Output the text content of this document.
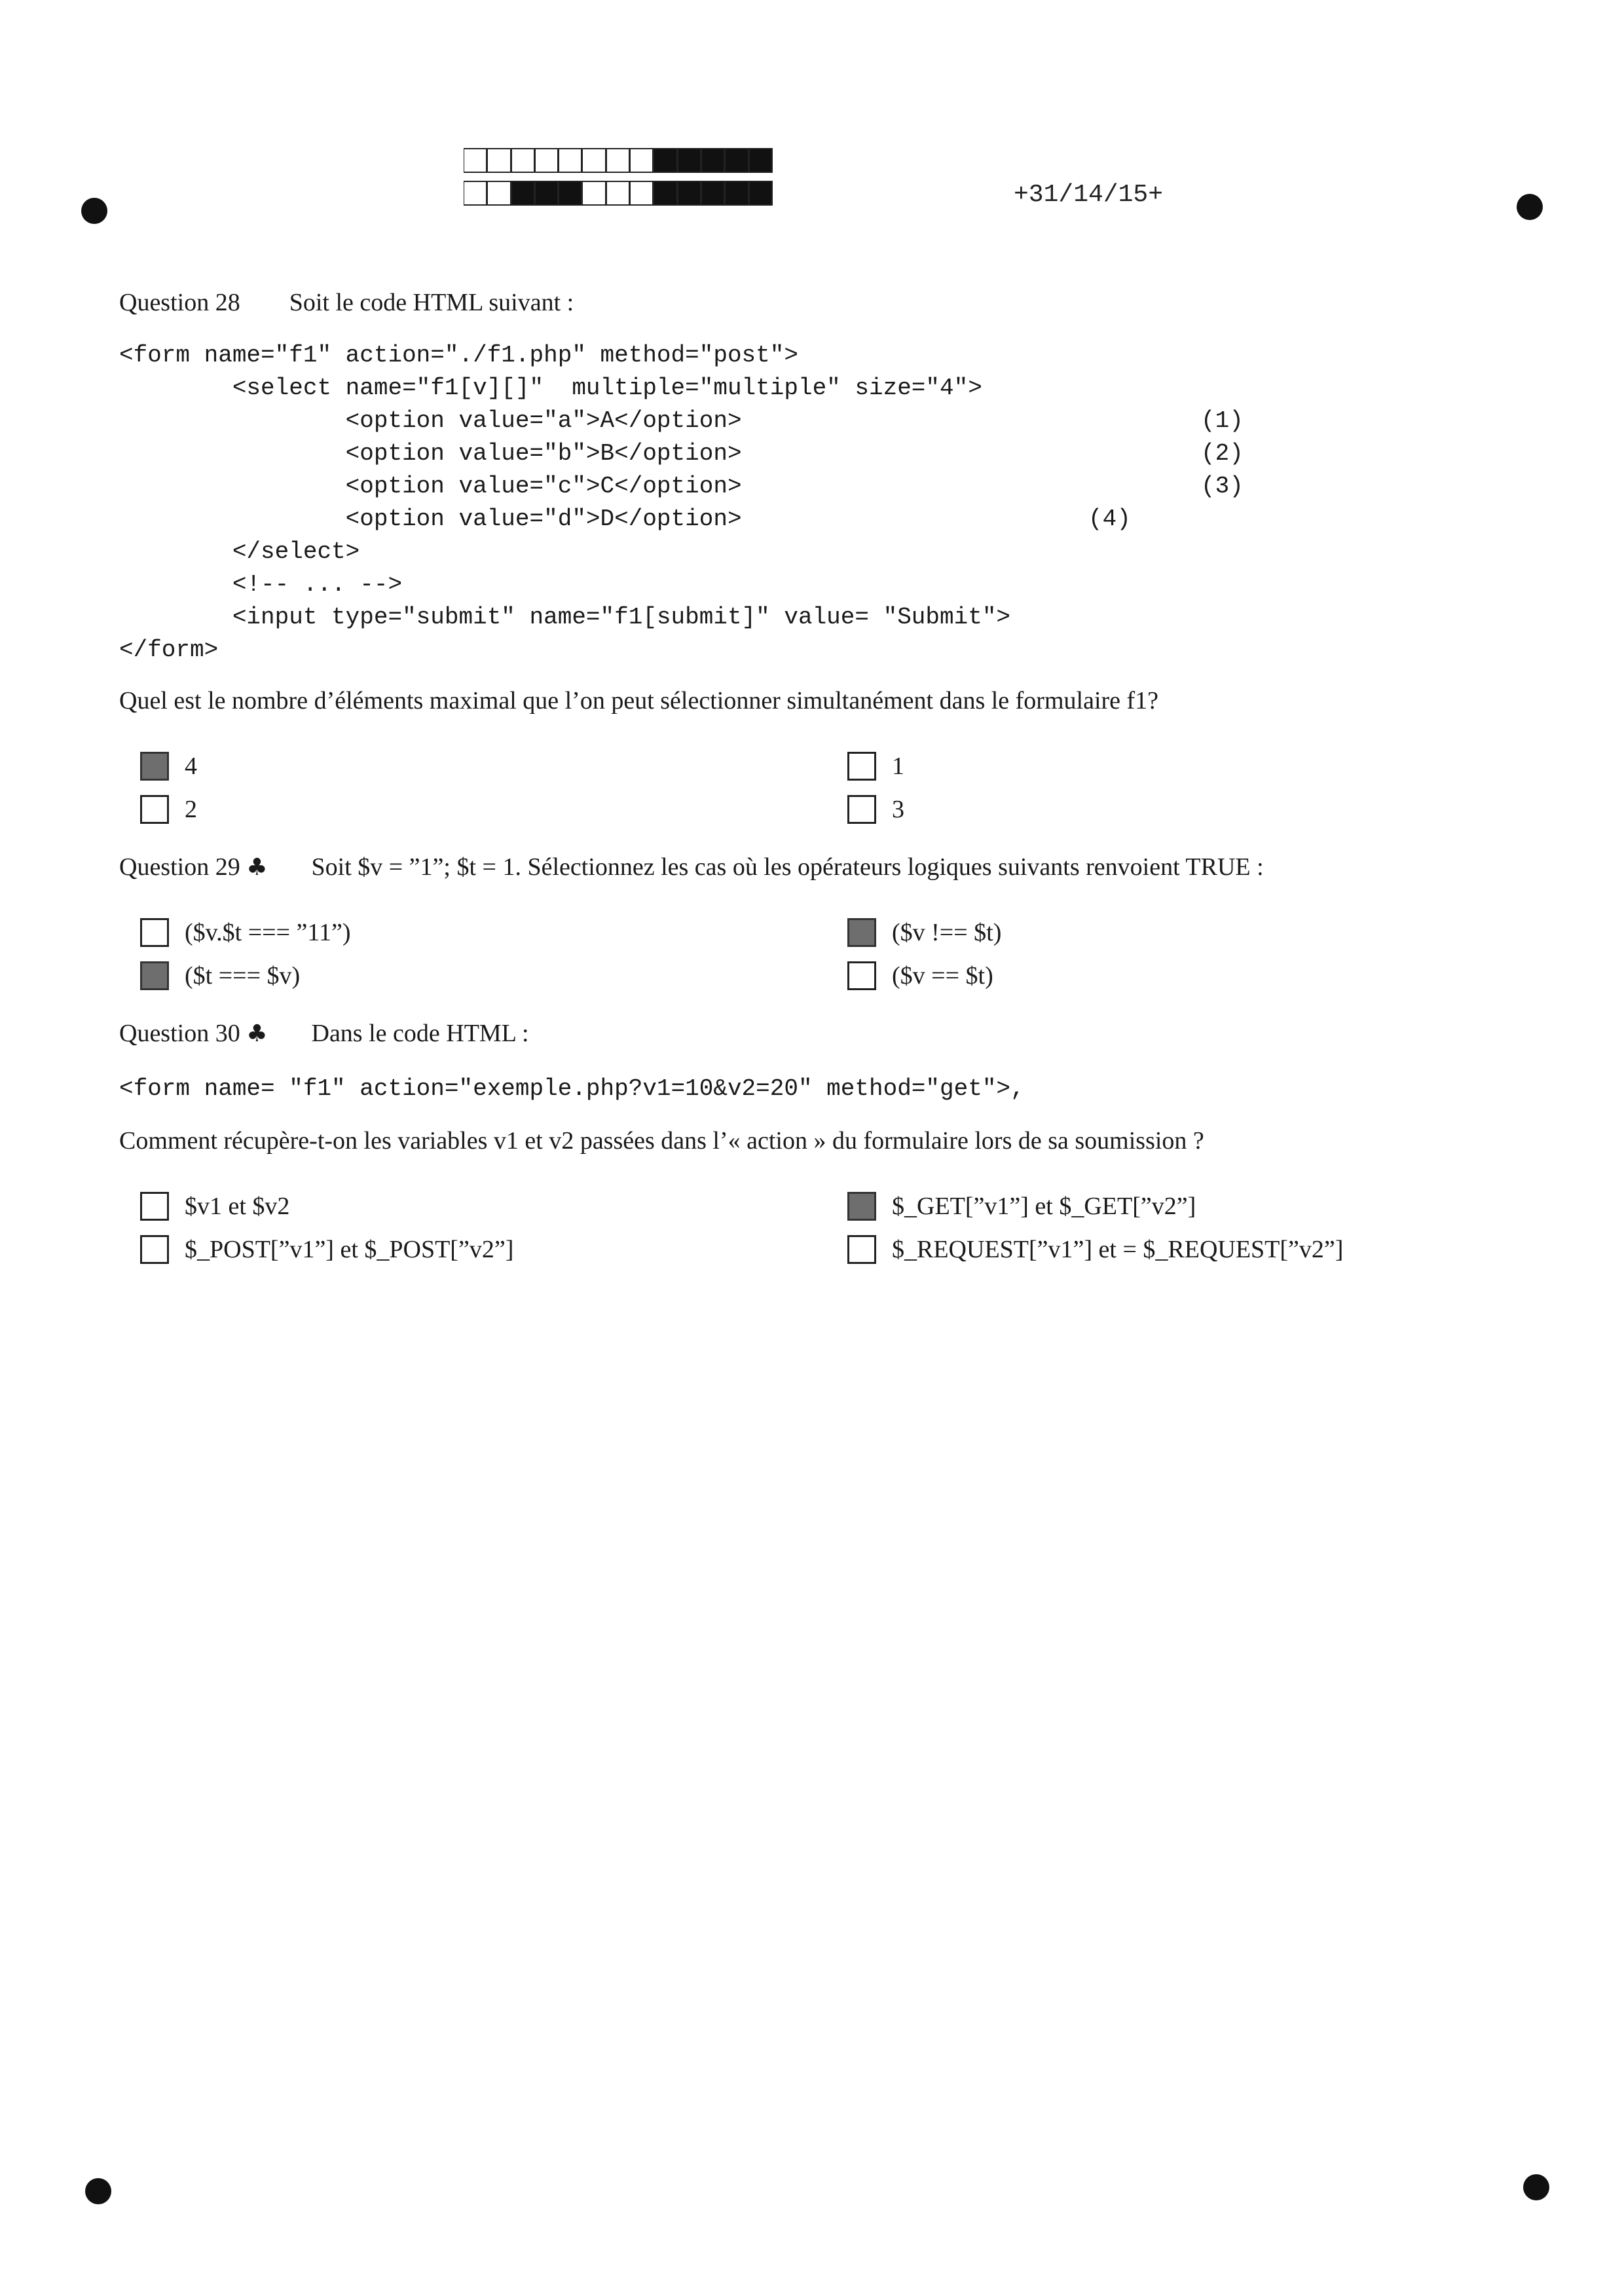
+31/14/15+
Question 28 Soit le code HTML suivant :
<form name="f1" action="./f1.php" method="post">
<select name="f1[v][]"  multiple="multiple" size="4">
<option value="a">A</option>
<option value="b">B</option>
<option value="c">C</option>
<option value="d">D</option>
</select>
<!-- ... -->
<input type="submit" name="f1[submit]" value= "Submit">
</form>
(1)
(2)
(3)
(4)
Quel est le nombre d’éléments maximal que l’on peut sélectionner simultanément dans le formulaire f1?
4	1
2	3
Question 29 ♣ Soit $v = ”1”; $t = 1. Sélectionnez les cas où les opérateurs logiques suivants renvoient TRUE :
($v.$t === ”11”)	($v !== $t)
($t === $v)	($v == $t)
Question 30 ♣ Dans le code HTML :
<form name= "f1" action="exemple.php?v1=10&v2=20" method="get">,
Comment récupère-t-on les variables v1 et v2 passées dans l’« action » du formulaire lors de sa soumission ?
$v1 et $v2	$_GET[”v1”] et $_GET[”v2”]
$_POST[”v1”] et $_POST[”v2”]	$_REQUEST[”v1”] et = $_REQUEST[”v2”]
